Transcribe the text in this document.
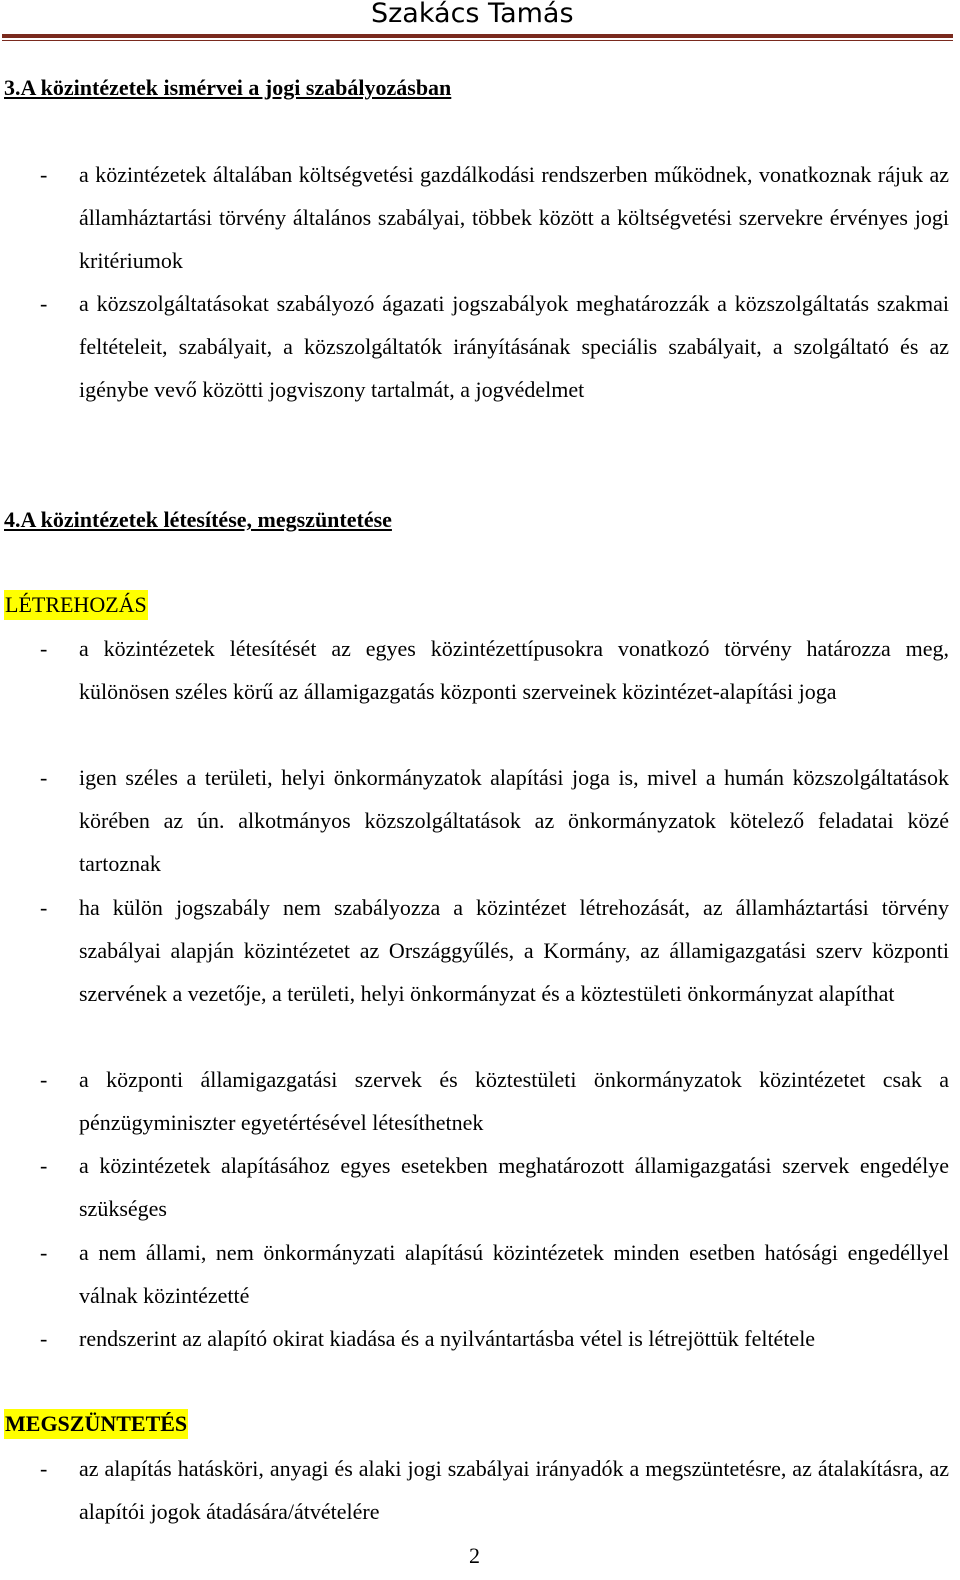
Szakács Tamás
3.A közintézetek ismérvei a jogi szabályozásban
- a közintézetek általában költségvetési gazdálkodási rendszerben működnek, vonatkoznak rájuk az államháztartási törvény általános szabályai, többek között a költségvetési szervekre érvényes jogi kritériumok
- a közszolgáltatásokat szabályozó ágazati jogszabályok meghatározzák a közszolgáltatás szakmai feltételeit, szabályait, a közszolgáltatók irányításának speciális szabályait, a szolgáltató és az igénybe vevő közötti jogviszony tartalmát, a jogvédelmet
4.A közintézetek létesítése, megszüntetése
LÉTREHOZÁS
- a közintézetek létesítését az egyes közintézettípusokra vonatkozó törvény határozza meg, különösen széles körű az államigazgatás központi szerveinek közintézet-alapítási joga
- igen széles a területi, helyi önkormányzatok alapítási joga is, mivel a humán közszolgáltatások körében az ún. alkotmányos közszolgáltatások az önkormányzatok kötelező feladatai közé tartoznak
- ha külön jogszabály nem szabályozza a közintézet létrehozását, az államháztartási törvény szabályai alapján közintézetet az Országgyűlés, a Kormány, az államigazgatási szerv központi szervének a vezetője, a területi, helyi önkormányzat és a köztestületi önkormányzat alapíthat
- a központi államigazgatási szervek és köztestületi önkormányzatok közintézetet csak a pénzügyminiszter egyetértésével létesíthetnek
- a közintézetek alapításához egyes esetekben meghatározott államigazgatási szervek engedélye szükséges
- a nem állami, nem önkormányzati alapítású közintézetek minden esetben hatósági engedéllyel válnak közintézetté
- rendszerint az alapító okirat kiadása és a nyilvántartásba vétel is létrejöttük feltétele
MEGSZÜNTETÉS
- az alapítás hatásköri, anyagi és alaki jogi szabályai irányadók a megszüntetésre, az átalakításra, az alapítói jogok átadására/átvételére
2
